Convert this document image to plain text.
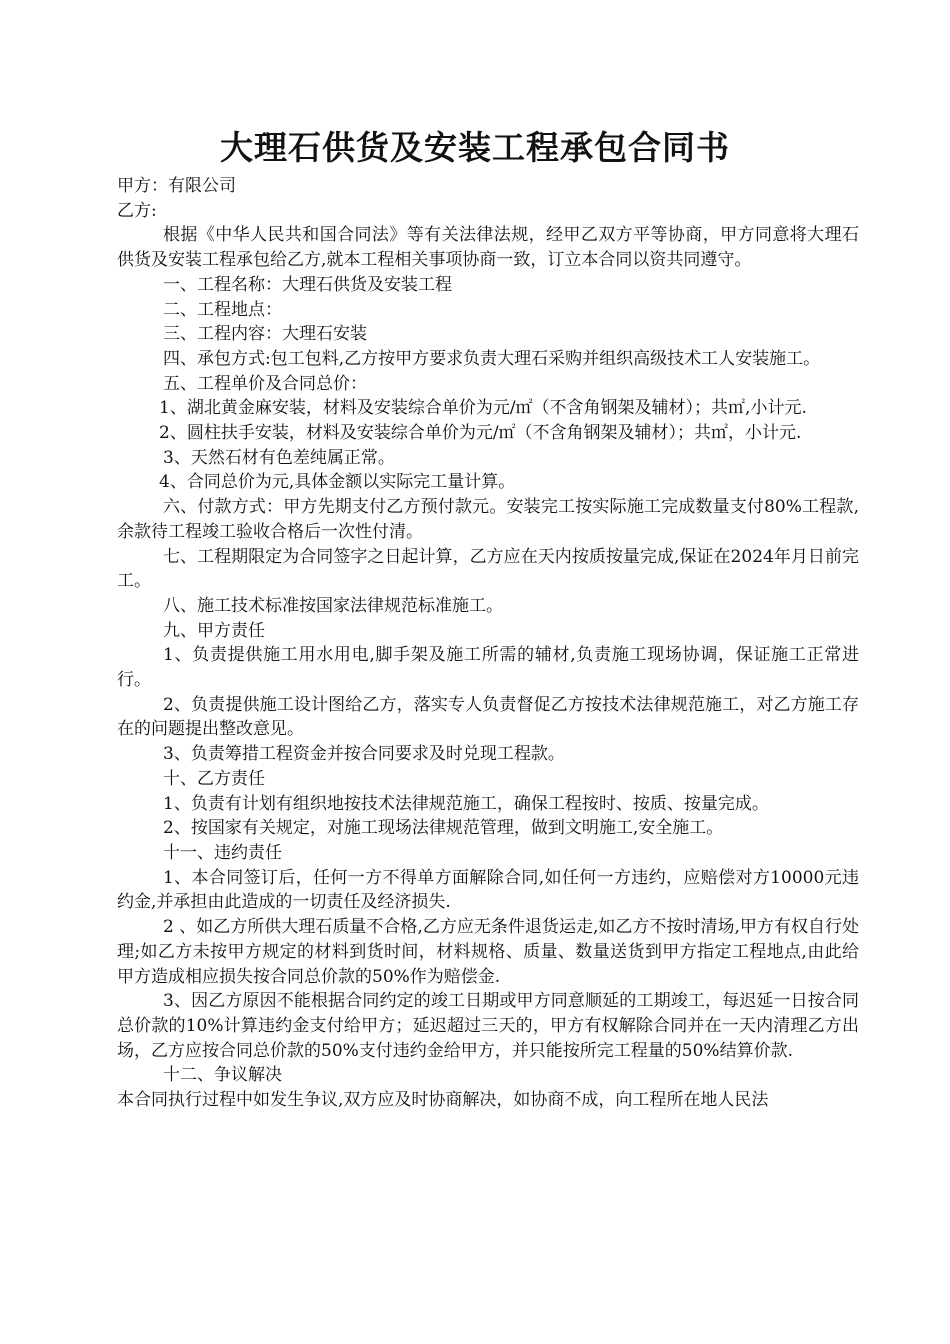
大理石供货及安装工程承包合同书

甲方：有限公司

乙方:

根据《中华人民共和国合同法》等有关法律法规，经甲乙双方平等协商，甲方同意将大理石供货及安装工程承包给乙方,就本工程相关事项协商一致，订立本合同以资共同遵守。

一、工程名称：大理石供货及安装工程

二、工程地点：

三、工程内容：大理石安装

四、承包方式:包工包料,乙方按甲方要求负责大理石采购并组织高级技术工人安装施工。

五、工程单价及合同总价：

1、湖北黄金麻安装，材料及安装综合单价为元/㎡（不含角钢架及辅材）；共㎡,小计元.

2、圆柱扶手安装，材料及安装综合单价为元/㎡（不含角钢架及辅材）；共㎡，小计元.

3、天然石材有色差纯属正常。

4、合同总价为元,具体金额以实际完工量计算。

六、付款方式：甲方先期支付乙方预付款元。安装完工按实际施工完成数量支付80%工程款,余款待工程竣工验收合格后一次性付清。

七、工程期限定为合同签字之日起计算，乙方应在天内按质按量完成,保证在2024年月日前完工。

八、施工技术标准按国家法律规范标准施工。

九、甲方责任

1、负责提供施工用水用电,脚手架及施工所需的辅材,负责施工现场协调，保证施工正常进行。

2、负责提供施工设计图给乙方，落实专人负责督促乙方按技术法律规范施工，对乙方施工存在的问题提出整改意见。

3、负责筹措工程资金并按合同要求及时兑现工程款。

十、乙方责任

1、负责有计划有组织地按技术法律规范施工，确保工程按时、按质、按量完成。

2、按国家有关规定，对施工现场法律规范管理，做到文明施工,安全施工。

十一、违约责任

1、本合同签订后，任何一方不得单方面解除合同,如任何一方违约，应赔偿对方10000元违约金,并承担由此造成的一切责任及经济损失.

2 、如乙方所供大理石质量不合格,乙方应无条件退货运走,如乙方不按时清场,甲方有权自行处理;如乙方未按甲方规定的材料到货时间，材料规格、质量、数量送货到甲方指定工程地点,由此给甲方造成相应损失按合同总价款的50%作为赔偿金.

3、因乙方原因不能根据合同约定的竣工日期或甲方同意顺延的工期竣工，每迟延一日按合同总价款的10%计算违约金支付给甲方；延迟超过三天的，甲方有权解除合同并在一天内清理乙方出场，乙方应按合同总价款的50%支付违约金给甲方，并只能按所完工程量的50%结算价款.

十二、争议解决

本合同执行过程中如发生争议,双方应及时协商解决，如协商不成，向工程所在地人民法
